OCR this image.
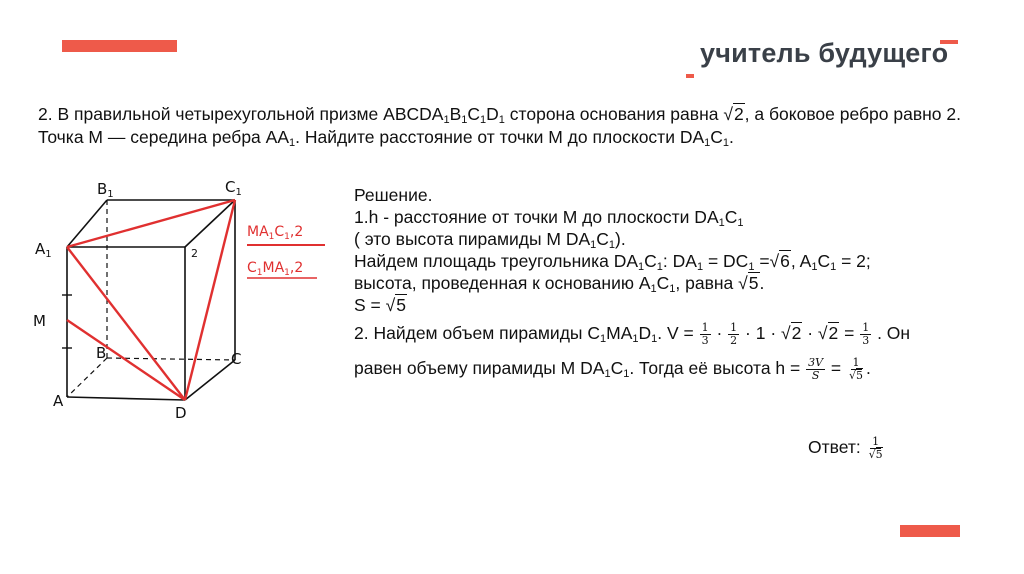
учитель будущего
2. В правильной четырехугольной призме $ABCDA_1B_1C_1D_1$ сторона основания равна √2, а боковое ребро равно 2. Точка M — середина ребра $AA_1$. Найдите расстояние от точки M до плоскости $DA_1C_1$.
$B_1$	$C_1$
$A_1$
M
B	C
A
D
2
$MA_1C_1,2$
$C_1MA_1,2$
Решение.
1.h - расстояние от точки M до плоскости $DA_1C_1$
( это высота пирамиды M $DA_1C_1$).
Найдем площадь треугольника $DA_1C_1$: $DA_1 = DC_1 =√6$, $A_1C_1 = 2$;
высота, проведенная к основанию $A_1C_1$, равна √5.
S = √5
2. Найдем объем пирамиды $C_1MA_1D_1$. $V = \frac{1}{3} \cdot \frac{1}{2} \cdot 1 \cdot √2 \cdot √2 = \frac{1}{3}$ . Он
равен объему пирамиды M $DA_1C_1$. Тогда её высота $h = \frac{3V}{S} = \frac{1}{√5}$ .
Ответ: $\frac{1}{√5}$
